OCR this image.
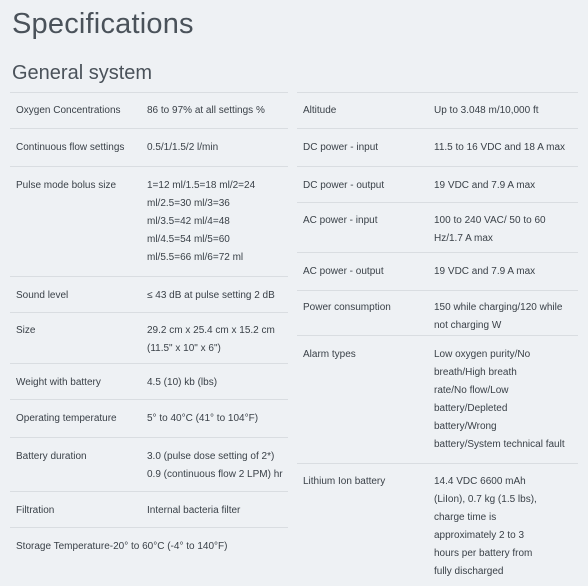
Specifications
General system
Oxygen Concentrations	86 to 97% at all settings %
Continuous flow settings	0.5/1/1.5/2 l/min
Pulse mode bolus size	1=12 ml/1.5=18 ml/2=24
ml/2.5=30 ml/3=36
ml/3.5=42 ml/4=48
ml/4.5=54 ml/5=60
ml/5.5=66 ml/6=72 ml
Sound level	≤ 43 dB at pulse setting 2 dB
Size	29.2 cm x 25.4 cm x 15.2 cm
(11.5" x 10" x 6")
Weight with battery	4.5 (10) kb (lbs)
Operating temperature	5° to 40°C (41° to 104°F)
Battery duration	3.0 (pulse dose setting of 2*)
0.9 (continuous flow 2 LPM) hr
Filtration	Internal bacteria filter
Storage Temperature-20° to 60°C (-4° to 140°F)
Altitude	Up to 3.048 m/10,000 ft
DC power - input	11.5 to 16 VDC and 18 A max
DC power - output	19 VDC and 7.9 A max
AC power - input	100 to 240 VAC/ 50 to 60
Hz/1.7 A max
AC power - output	19 VDC and 7.9 A max
Power consumption	150 while charging/120 while
not charging W
Alarm types	Low oxygen purity/No
breath/High breath
rate/No flow/Low
battery/Depleted
battery/Wrong
battery/System technical fault
Lithium Ion battery	14.4 VDC 6600 mAh
(LiIon), 0.7 kg (1.5 lbs),
charge time is
approximately 2 to 3
hours per battery from
fully discharged
